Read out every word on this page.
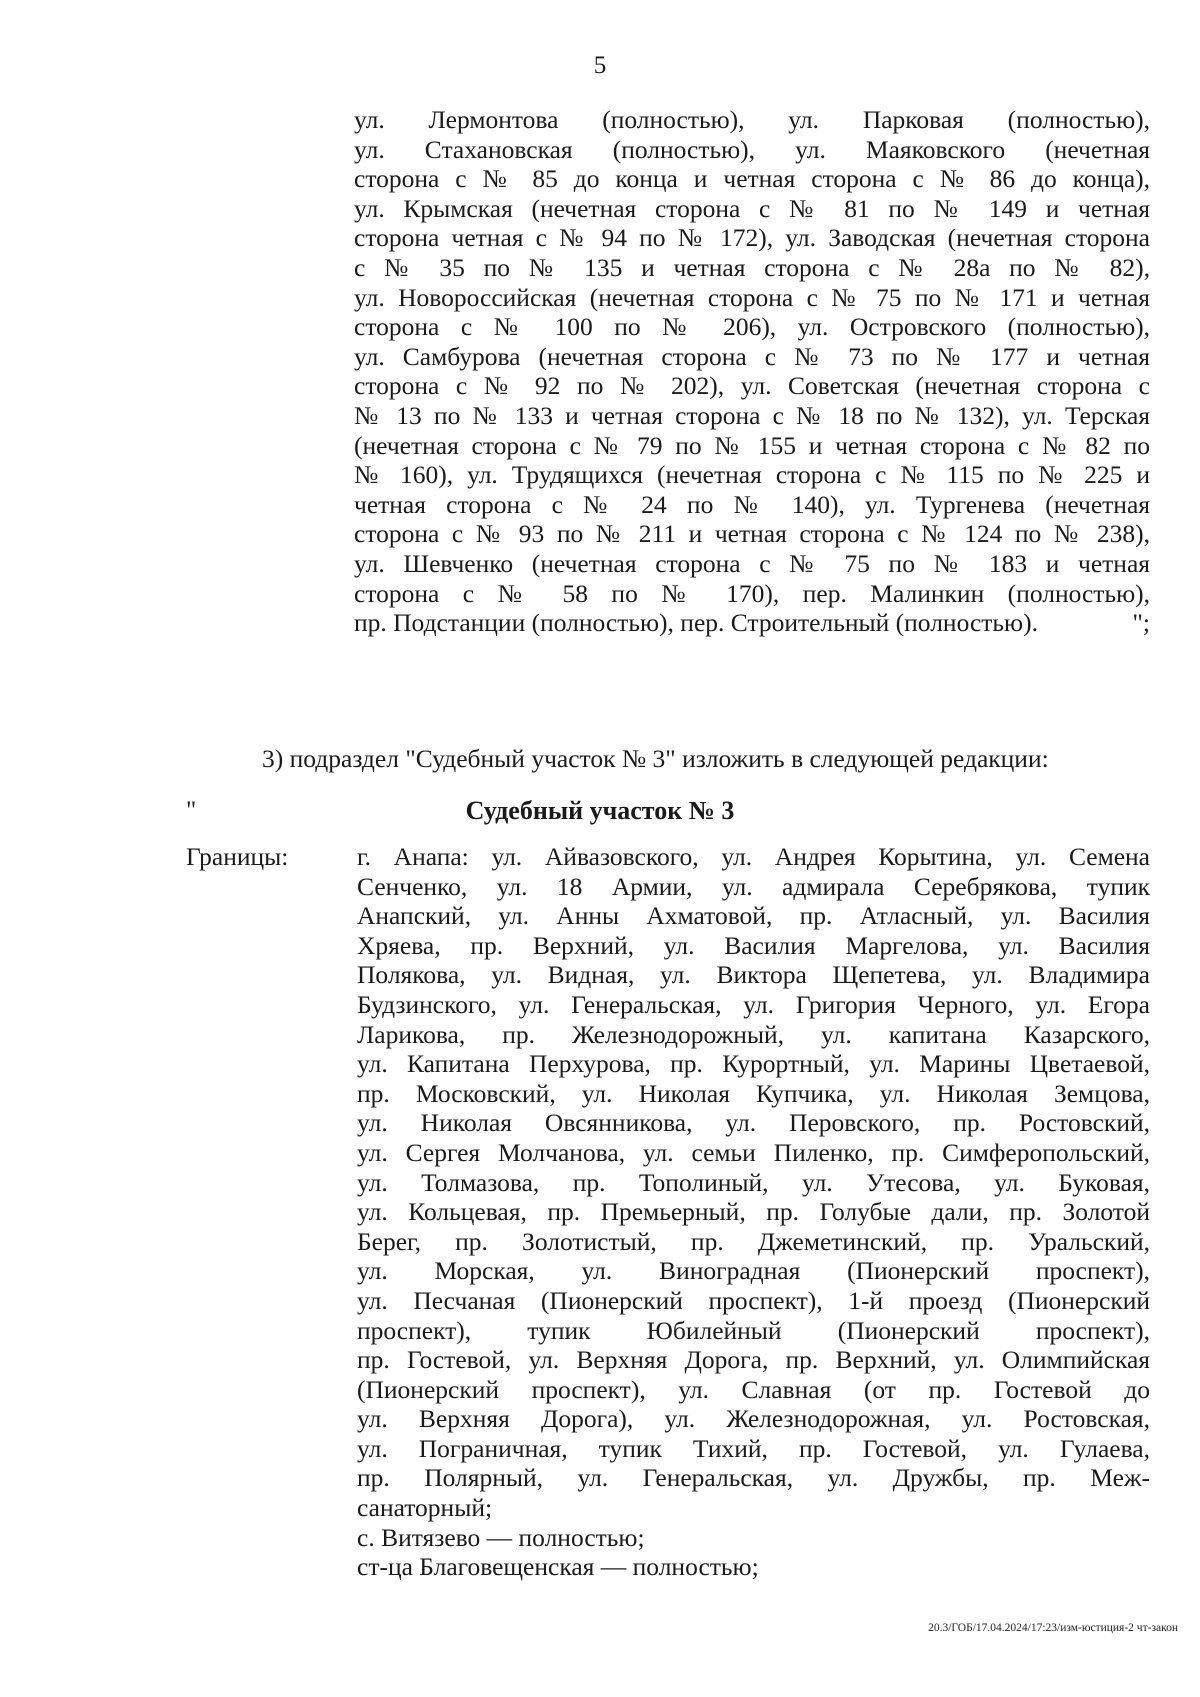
5
ул. Лермонтова (полностью), ул. Парковая (полностью),
ул. Стахановская (полностью), ул. Маяковского (нечетная
сторона с № 85 до конца и четная сторона с № 86 до конца),
ул. Крымская (нечетная сторона с № 81 по № 149 и четная
сторона четная с № 94 по № 172), ул. Заводская (нечетная сторона
с № 35 по № 135 и четная сторона с № 28а по № 82),
ул. Новороссийская (нечетная сторона с № 75 по № 171 и четная
сторона с № 100 по № 206), ул. Островского (полностью),
ул. Самбурова (нечетная сторона с № 73 по № 177 и четная
сторона с № 92 по № 202), ул. Советская (нечетная сторона с
№ 13 по № 133 и четная сторона с № 18 по № 132), ул. Терская
(нечетная сторона с № 79 по № 155 и четная сторона с № 82 по
№ 160), ул. Трудящихся (нечетная сторона с № 115 по № 225 и
четная сторона с № 24 по № 140), ул. Тургенева (нечетная
сторона с № 93 по № 211 и четная сторона с № 124 по № 238),
ул. Шевченко (нечетная сторона с № 75 по № 183 и четная
сторона с № 58 по № 170), пер. Малинкин (полностью),
пр. Подстанции (полностью), пер. Строительный (полностью).	";
3) подраздел "Судебный участок № 3" изложить в следующей редакции:
"	Судебный участок № 3
Границы:	г. Анапа: ул. Айвазовского, ул. Андрея Корытина, ул. Семена
Сенченко, ул. 18 Армии, ул. адмирала Серебрякова, тупик
Анапский, ул. Анны Ахматовой, пр. Атласный, ул. Василия
Хряева, пр. Верхний, ул. Василия Маргелова, ул. Василия
Полякова, ул. Видная, ул. Виктора Щепетева, ул. Владимира
Будзинского, ул. Генеральская, ул. Григория Черного, ул. Егора
Ларикова, пр. Железнодорожный, ул. капитана Казарского,
ул. Капитана Перхурова, пр. Курортный, ул. Марины Цветаевой,
пр. Московский, ул. Николая Купчика, ул. Николая Земцова,
ул. Николая Овсянникова, ул. Перовского, пр. Ростовский,
ул. Сергея Молчанова, ул. семьи Пиленко, пр. Симферопольский,
ул. Толмазова, пр. Тополиный, ул. Утесова, ул. Буковая,
ул. Кольцевая, пр. Премьерный, пр. Голубые дали, пр. Золотой
Берег, пр. Золотистый, пр. Джеметинский, пр. Уральский,
ул. Морская, ул. Виноградная (Пионерский проспект),
ул. Песчаная (Пионерский проспект), 1-й проезд (Пионерский
проспект), тупик Юбилейный (Пионерский проспект),
пр. Гостевой, ул. Верхняя Дорога, пр. Верхний, ул. Олимпийская
(Пионерский проспект), ул. Славная (от пр. Гостевой до
ул. Верхняя Дорога), ул. Железнодорожная, ул. Ростовская,
ул. Пограничная, тупик Тихий, пр. Гостевой, ул. Гулаева,
пр. Полярный, ул. Генеральская, ул. Дружбы, пр. Меж-
санаторный;
с. Витязево — полностью;
ст-ца Благовещенская — полностью;
20.3/ГОБ/17.04.2024/17:23/изм-юстиция-2 чт-закон
